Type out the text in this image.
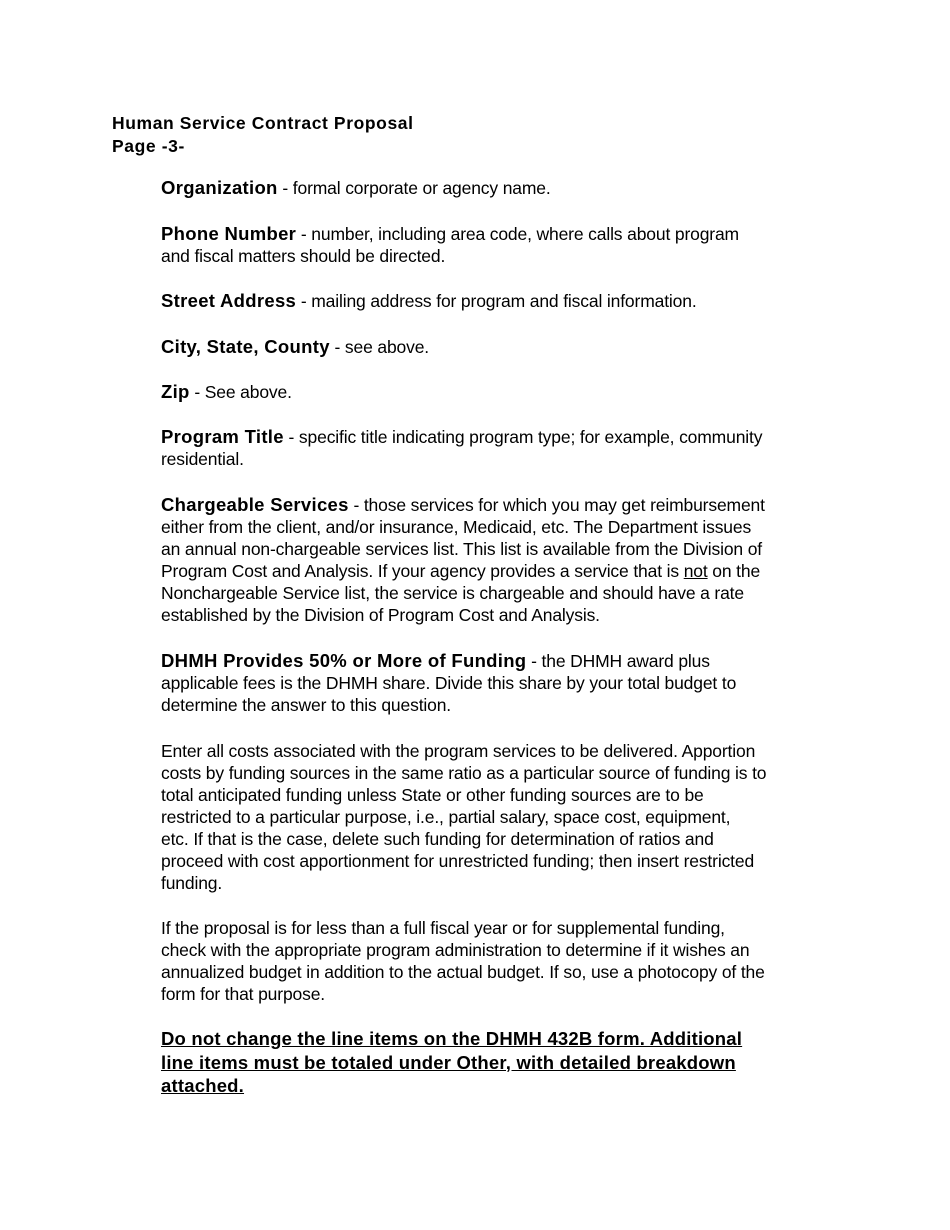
Human Service Contract Proposal
Page -3-
Organization - formal corporate or agency name.
Phone Number - number, including area code, where calls about program
and fiscal matters should be directed.
Street Address - mailing address for program and fiscal information.
City, State, County - see above.
Zip - See above.
Program Title - specific title indicating program type; for example, community
residential.
Chargeable Services - those services for which you may get reimbursement
either from the client, and/or insurance, Medicaid, etc. The Department issues
an annual non-chargeable services list. This list is available from the Division of
Program Cost and Analysis. If your agency provides a service that is not on the
Nonchargeable Service list, the service is chargeable and should have a rate
established by the Division of Program Cost and Analysis.
DHMH Provides 50% or More of Funding - the DHMH award plus
applicable fees is the DHMH share. Divide this share by your total budget to
determine the answer to this question.
Enter all costs associated with the program services to be delivered. Apportion
costs by funding sources in the same ratio as a particular source of funding is to
total anticipated funding unless State or other funding sources are to be
restricted to a particular purpose, i.e., partial salary, space cost, equipment,
etc. If that is the case, delete such funding for determination of ratios and
proceed with cost apportionment for unrestricted funding; then insert restricted
funding.
If the proposal is for less than a full fiscal year or for supplemental funding,
check with the appropriate program administration to determine if it wishes an
annualized budget in addition to the actual budget. If so, use a photocopy of the
form for that purpose.
Do not change the line items on the DHMH 432B form. Additional
line items must be totaled under Other, with detailed breakdown
attached.
